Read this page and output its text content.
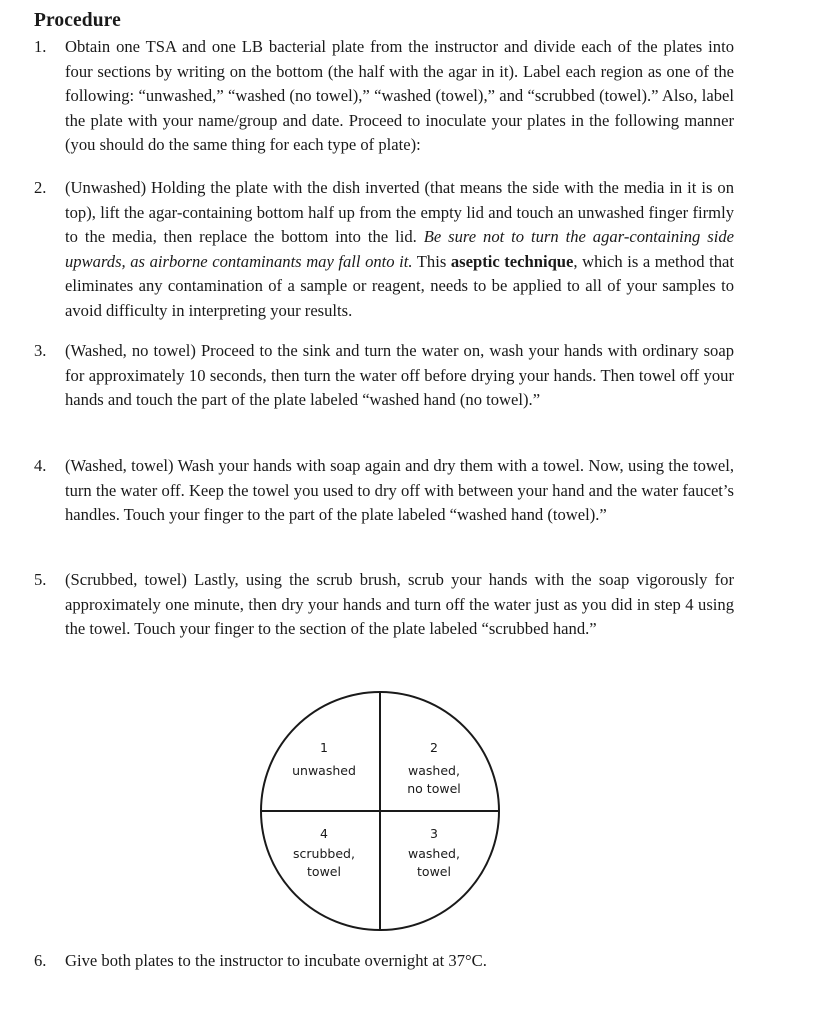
Procedure
1.	Obtain one TSA and one LB bacterial plate from the instructor and divide each of the plates into four sections by writing on the bottom (the half with the agar in it). Label each region as one of the following: “unwashed,” “washed (no towel),” “washed (towel),” and “scrubbed (towel).” Also, label the plate with your name/group and date. Proceed to inoculate your plates in the following manner (you should do the same thing for each type of plate):
2.	(Unwashed) Holding the plate with the dish inverted (that means the side with the media in it is on top), lift the agar-containing bottom half up from the empty lid and touch an unwashed finger firmly to the media, then replace the bottom into the lid. Be sure not to turn the agar-containing side upwards, as airborne contaminants may fall onto it. This aseptic technique, which is a method that eliminates any contamination of a sample or reagent, needs to be applied to all of your samples to avoid difficulty in interpreting your results.
3.	(Washed, no towel) Proceed to the sink and turn the water on, wash your hands with ordinary soap for approximately 10 seconds, then turn the water off before drying your hands. Then towel off your hands and touch the part of the plate labeled “washed hand (no towel).”
4.	(Washed, towel) Wash your hands with soap again and dry them with a towel. Now, using the towel, turn the water off. Keep the towel you used to dry off with between your hand and the water faucet’s handles. Touch your finger to the part of the plate labeled “washed hand (towel).”
5.	(Scrubbed, towel) Lastly, using the scrub brush, scrub your hands with the soap vigorously for approximately one minute, then dry your hands and turn off the water just as you did in step 4 using the towel. Touch your finger to the section of the plate labeled “scrubbed hand.”
1
unwashed
2
washed,
no towel
3
washed,
towel
4
scrubbed,
towel
6.	Give both plates to the instructor to incubate overnight at 37°C.
